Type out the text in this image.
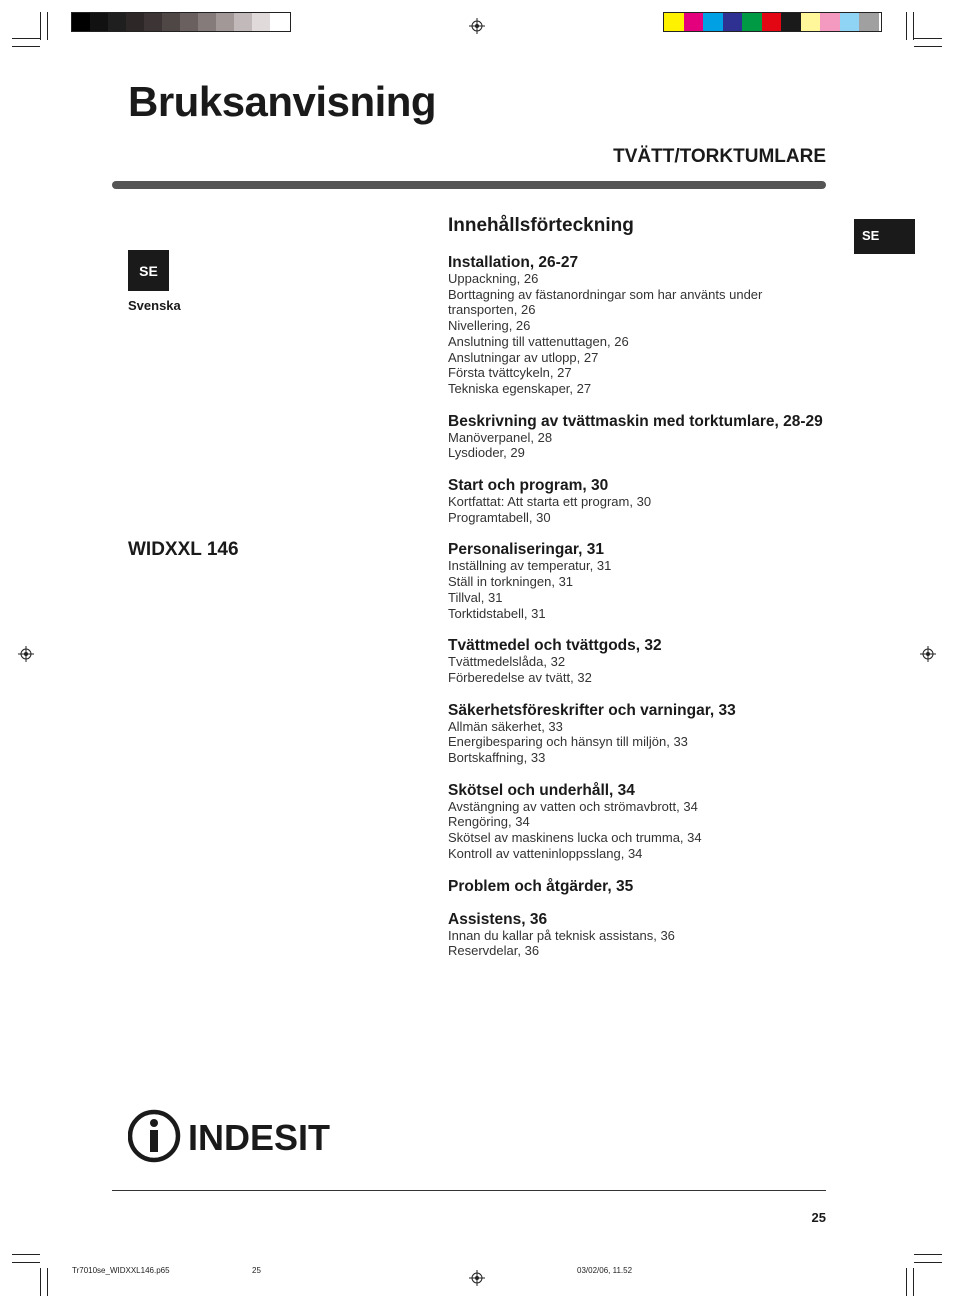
Bruksanvisning
TVÄTT/TORKTUMLARE
SE
SE
Svenska
WIDXXL 146
Innehållsförteckning
Installation, 26-27
Uppackning, 26
Borttagning av fästanordningar som har använts under transporten, 26
Nivellering, 26
Anslutning till vattenuttagen, 26
Anslutningar av utlopp, 27
Första tvättcykeln, 27
Tekniska egenskaper, 27
Beskrivning av tvättmaskin med torktumlare, 28-29
Manöverpanel, 28
Lysdioder, 29
Start och program, 30
Kortfattat: Att starta ett program, 30
Programtabell, 30
Personaliseringar, 31
Inställning av temperatur, 31
Ställ in torkningen, 31
Tillval, 31
Torktidstabell, 31
Tvättmedel och tvättgods, 32
Tvättmedelslåda, 32
Förberedelse av tvätt, 32
Säkerhetsföreskrifter och varningar, 33
Allmän säkerhet, 33
Energibesparing och hänsyn till miljön, 33
Bortskaffning, 33
Skötsel och underhåll, 34
Avstängning av vatten och strömavbrott, 34
Rengöring, 34
Skötsel av maskinens lucka och trumma, 34
Kontroll av vatteninloppsslang, 34
Problem och åtgärder, 35
Assistens, 36
Innan du kallar på teknisk assistans, 36
Reservdelar, 36
INDESIT
25
Tr7010se_WIDXXL146.p65	25	03/02/06, 11.52
